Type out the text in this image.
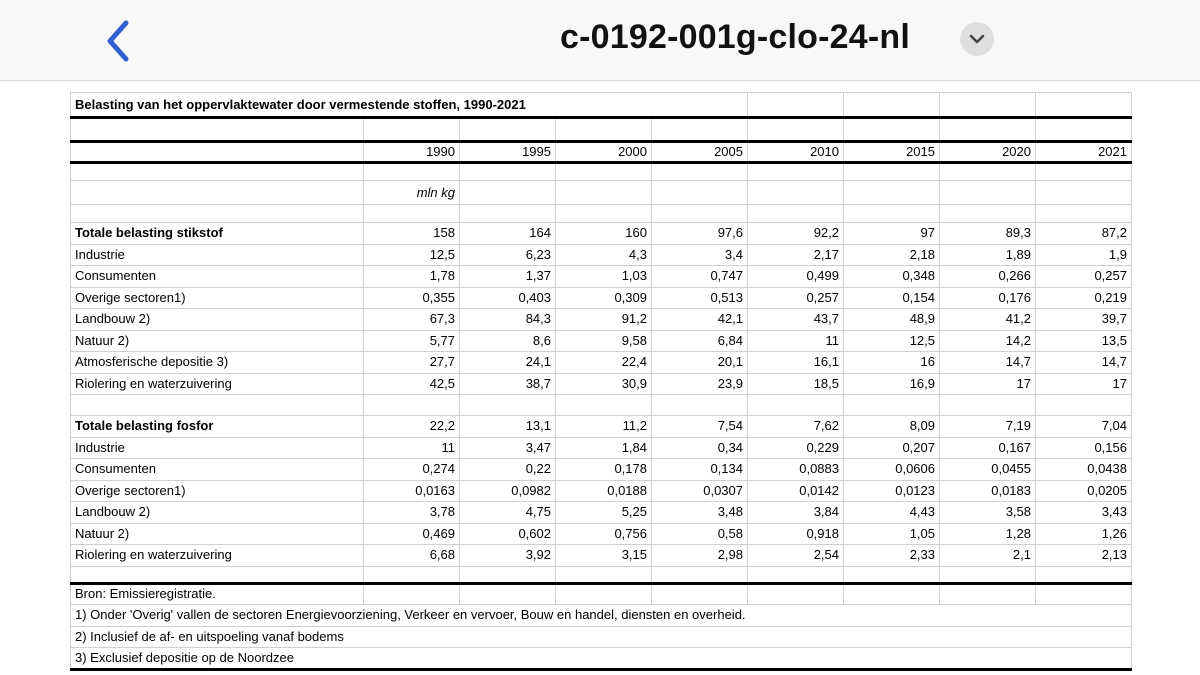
c-0192-001g-clo-24-nl
Belasting van het oppervlaktewater door vermestende stoffen, 1990-2021								

	1990	1995	2000	2005	2010	2015	2020	2021

	mln kg							

Totale belasting stikstof	158	164	160	97,6	92,2	97	89,3	87,2
Industrie	12,5	6,23	4,3	3,4	2,17	2,18	1,89	1,9
Consumenten	1,78	1,37	1,03	0,747	0,499	0,348	0,266	0,257
Overige sectoren1)	0,355	0,403	0,309	0,513	0,257	0,154	0,176	0,219
Landbouw 2)	67,3	84,3	91,2	42,1	43,7	48,9	41,2	39,7
Natuur 2)	5,77	8,6	9,58	6,84	11	12,5	14,2	13,5
Atmosferische depositie 3)	27,7	24,1	22,4	20,1	16,1	16	14,7	14,7
Riolering en waterzuivering	42,5	38,7	30,9	23,9	18,5	16,9	17	17

Totale belasting fosfor	22,2	13,1	11,2	7,54	7,62	8,09	7,19	7,04
Industrie	11	3,47	1,84	0,34	0,229	0,207	0,167	0,156
Consumenten	0,274	0,22	0,178	0,134	0,0883	0,0606	0,0455	0,0438
Overige sectoren1)	0,0163	0,0982	0,0188	0,0307	0,0142	0,0123	0,0183	0,0205
Landbouw 2)	3,78	4,75	5,25	3,48	3,84	4,43	3,58	3,43
Natuur 2)	0,469	0,602	0,756	0,58	0,918	1,05	1,28	1,26
Riolering en waterzuivering	6,68	3,92	3,15	2,98	2,54	2,33	2,1	2,13

Bron: Emissieregistratie.								
1) Onder 'Overig' vallen de sectoren Energievoorziening, Verkeer en vervoer, Bouw en handel, diensten en overheid.								
2) Inclusief de af- en uitspoeling vanaf bodems								
3) Exclusief depositie op de Noordzee								
